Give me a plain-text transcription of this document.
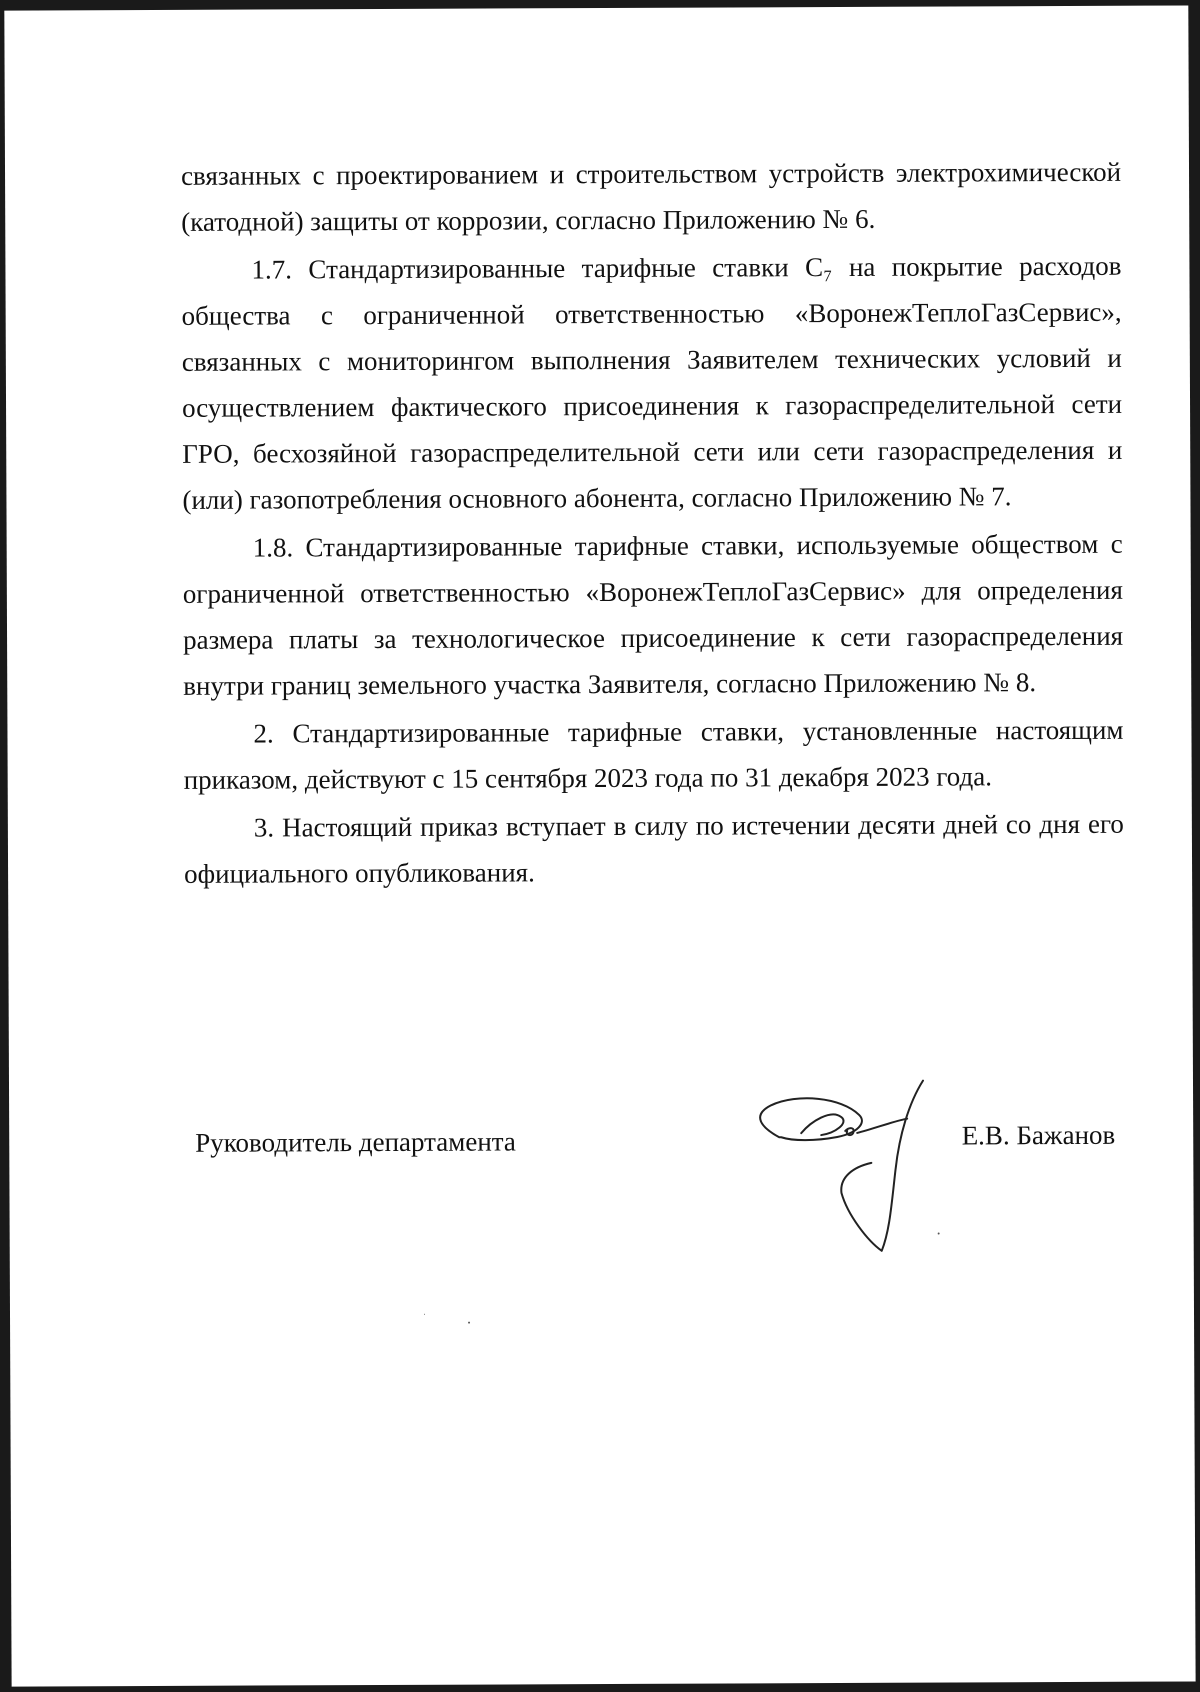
связанных с проектированием и строительством устройств электрохимической (катодной) защиты от коррозии, согласно Приложению № 6.

1.7. Стандартизированные тарифные ставки С₇ на покрытие расходов общества с ограниченной ответственностью «ВоронежТеплоГазСервис», связанных с мониторингом выполнения Заявителем технических условий и осуществлением фактического присоединения к газораспределительной сети ГРО, бесхозяйной газораспределительной сети или сети газораспределения и (или) газопотребления основного абонента, согласно Приложению № 7.

1.8. Стандартизированные тарифные ставки, используемые обществом с ограниченной ответственностью «ВоронежТеплоГазСервис» для определения размера платы за технологическое присоединение к сети газораспределения внутри границ земельного участка Заявителя, согласно Приложению № 8.

2. Стандартизированные тарифные ставки, установленные настоящим приказом, действуют с 15 сентября 2023 года по 31 декабря 2023 года.

3. Настоящий приказ вступает в силу по истечении десяти дней со дня его официального опубликования.

Руководитель департамента	Е.В. Бажанов
